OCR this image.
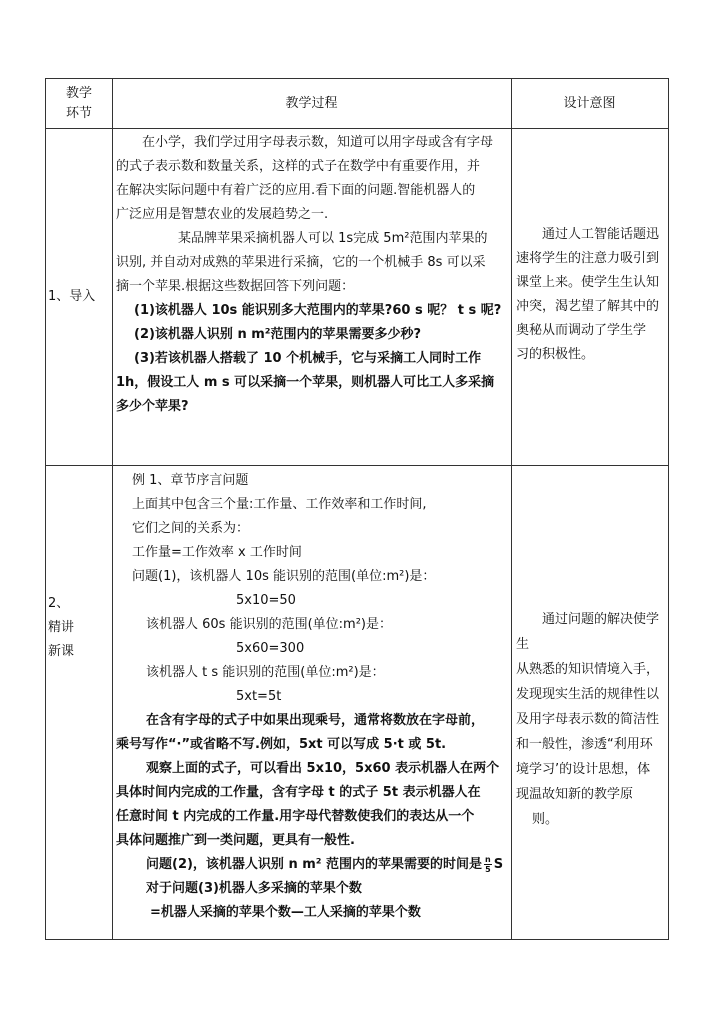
教学
环节
教学过程	设计意图
1、导入

在小学，我们学过用字母表示数，知道可以用字母或含有字母

的式子表示数和数量关系，这样的式子在数学中有重要作用，并

在解决实际问题中有着广泛的应用.看下面的问题.智能机器人的

广泛应用是智慧农业的发展趋势之一.

某品牌苹果采摘机器人可以 1s完成 5m²范围内苹果的

识别, 并自动对成熟的苹果进行采摘，它的一个机械手 8s 可以采

摘一个苹果.根据这些数据回答下列问题：

(1)该机器人 10s 能识别多大范围内的苹果?60 s 呢？ t s 呢?

(2)该机器人识别 n m²范围内的苹果需要多少秒?

(3)若该机器人搭载了 10 个机械手，它与采摘工人同时工作

1h，假设工人 m s 可以采摘一个苹果，则机器人可比工人多采摘

多少个苹果?

通过人工智能话题迅

速将学生的注意力吸引到

课堂上来。使学生生认知

冲突，渴艺望了解其中的

奥秘从而调动了学生学

习的积极性。

2、
精讲
新课

例 1、章节序言问题

上面其中包含三个量:工作量、工作效率和工作时间,

它们之间的关系为：

工作量=工作效率 x 工作时间

问题(1)，该机器人 10s 能识别的范围(单位:m²)是：

5x10=50

该机器人 60s 能识别的范围(单位:m²)是：

5x60=300

该机器人 t s 能识别的范围(单位:m²)是：

5xt=5t

在含有字母的式子中如果出现乘号，通常将数放在字母前，

乘号写作“·”或省略不写.例如，5xt 可以写成 5·t 或 5t.

观察上面的式子，可以看出 5x10，5x60 表示机器人在两个

具体时间内完成的工作量，含有字母 t 的式子 5t 表示机器人在

任意时间 t 内完成的工作量.用字母代替数使我们的表达从一个

具体问题推广到一类问题，更具有一般性.

问题(2)，该机器人识别 n m² 范围内的苹果需要的时间是 $\frac{n}{5}$ S

对于问题(3)机器人多采摘的苹果个数

=机器人采摘的苹果个数—工人采摘的苹果个数

通过问题的解决使学生

从熟悉的知识情境入手，

发现现实生活的规律性以

及用字母表示数的简洁性

和一般性，渗透“利用环

境学习’的设计思想，体

现温故知新的教学原

则。
